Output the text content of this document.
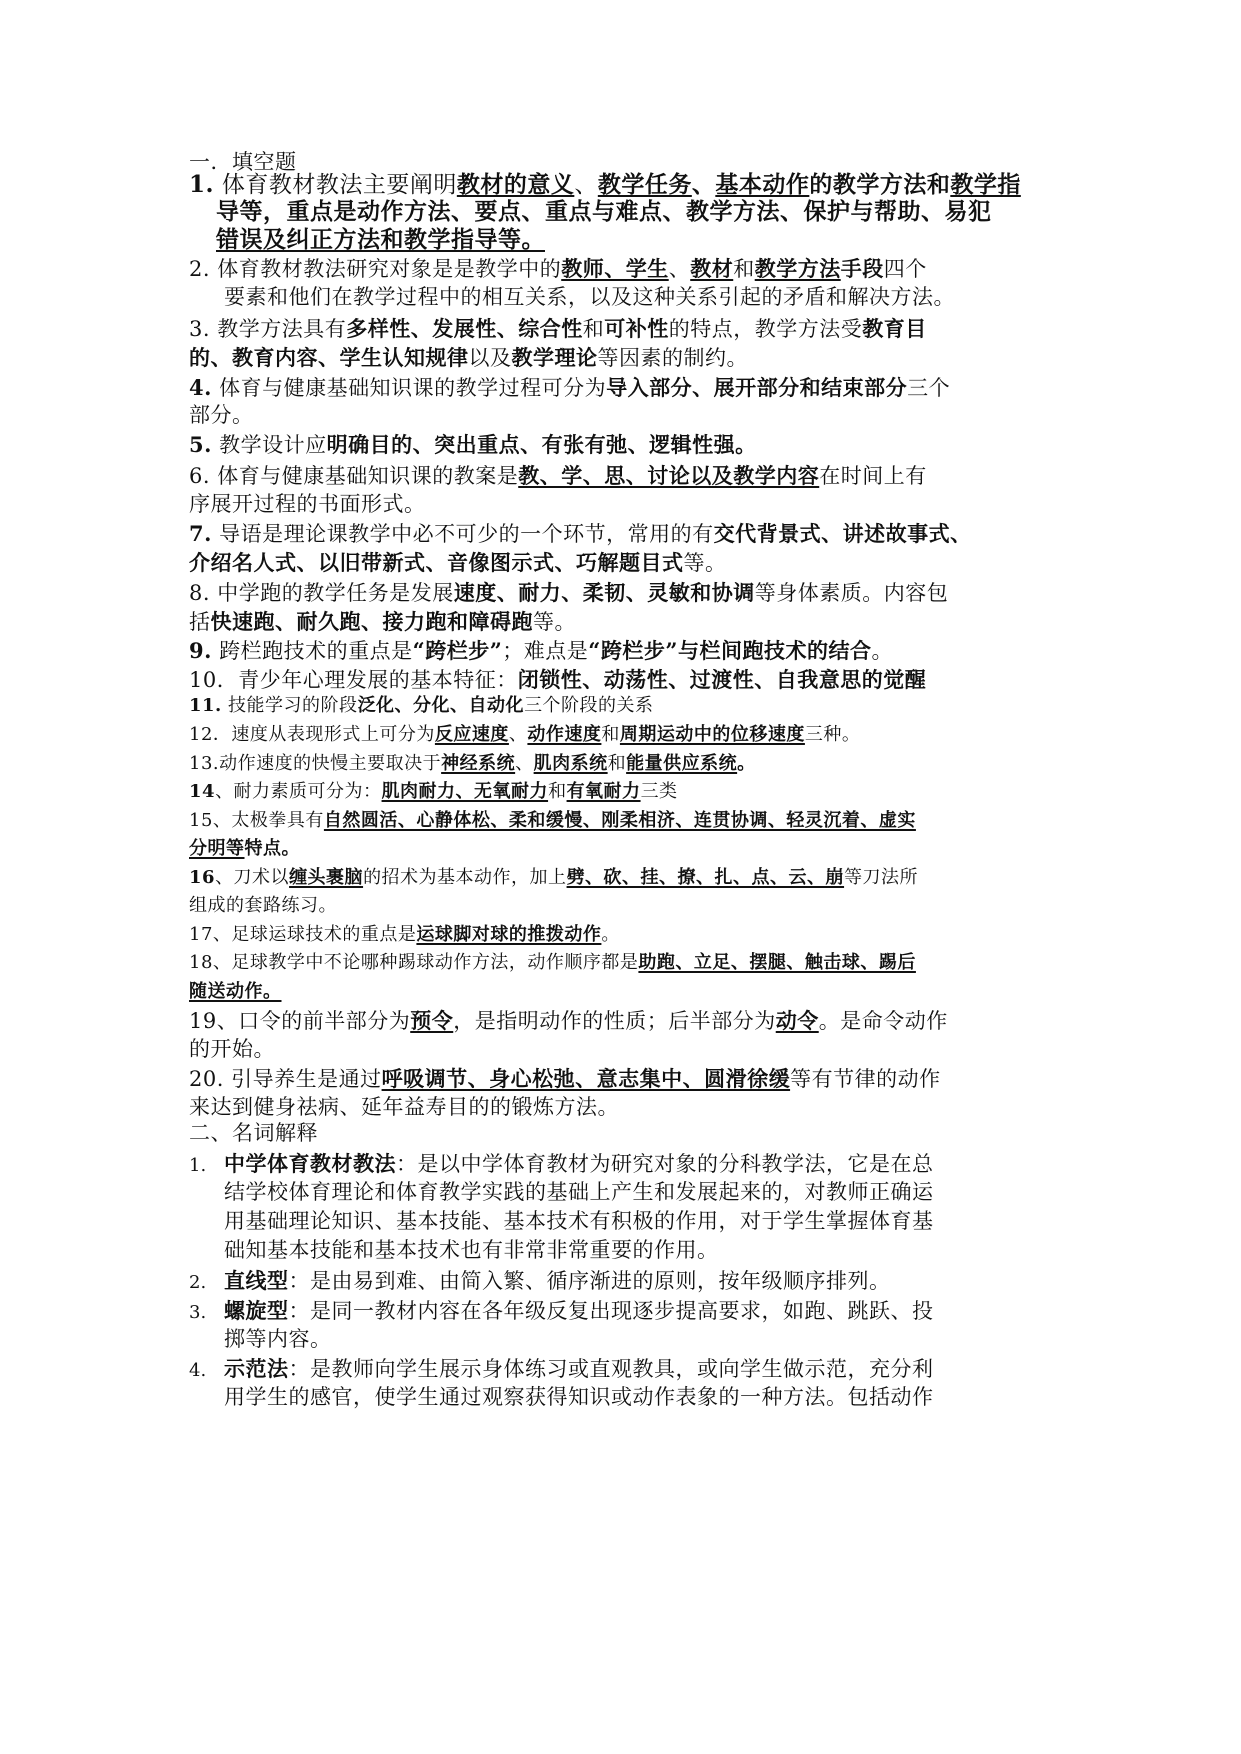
一．填空题
1. 体育教材教法主要阐明教材的意义、教学任务、基本动作的教学方法和教学指
导等，重点是动作方法、要点、重点与难点、教学方法、保护与帮助、易犯
错误及纠正方法和教学指导等。
2. 体育教材教法研究对象是是教学中的教师、学生、教材和教学方法手段四个
要素和他们在教学过程中的相互关系，以及这种关系引起的矛盾和解决方法。
3. 教学方法具有多样性、发展性、综合性和可补性的特点，教学方法受教育目
的、教育内容、学生认知规律以及教学理论等因素的制约。
4. 体育与健康基础知识课的教学过程可分为导入部分、展开部分和结束部分三个
部分。
5. 教学设计应明确目的、突出重点、有张有弛、逻辑性强。
6. 体育与健康基础知识课的教案是教、学、思、讨论以及教学内容在时间上有
序展开过程的书面形式。
7. 导语是理论课教学中必不可少的一个环节，常用的有交代背景式、讲述故事式、
介绍名人式、以旧带新式、音像图示式、巧解题目式等。
8. 中学跑的教学任务是发展速度、耐力、柔韧、灵敏和协调等身体素质。内容包
括快速跑、耐久跑、接力跑和障碍跑等。
9. 跨栏跑技术的重点是“跨栏步”；难点是“跨栏步”与栏间跑技术的结合。
10．青少年心理发展的基本特征：闭锁性、动荡性、过渡性、自我意思的觉醒
11. 技能学习的阶段泛化、分化、自动化三个阶段的关系
12．速度从表现形式上可分为反应速度、动作速度和周期运动中的位移速度三种。
13.动作速度的快慢主要取决于神经系统、肌肉系统和能量供应系统。
14、耐力素质可分为：肌肉耐力、无氧耐力和有氧耐力三类
15、太极拳具有自然圆活、心静体松、柔和缓慢、刚柔相济、连贯协调、轻灵沉着、虚实
分明等特点。
16、刀术以缠头裹脑的招术为基本动作，加上劈、砍、挂、撩、扎、点、云、崩等刀法所
组成的套路练习。
17、足球运球技术的重点是运球脚对球的推拨动作。
18、足球教学中不论哪种踢球动作方法，动作顺序都是助跑、立足、摆腿、触击球、踢后
随送动作。
19、口令的前半部分为预令，是指明动作的性质；后半部分为动令。是命令动作
的开始。
20. 引导养生是通过呼吸调节、身心松弛、意志集中、圆滑徐缓等有节律的动作
来达到健身祛病、延年益寿目的的锻炼方法。
二、名词解释
1. 中学体育教材教法：是以中学体育教材为研究对象的分科教学法，它是在总
结学校体育理论和体育教学实践的基础上产生和发展起来的，对教师正确运
用基础理论知识、基本技能、基本技术有积极的作用，对于学生掌握体育基
础知基本技能和基本技术也有非常非常重要的作用。
2. 直线型：是由易到难、由简入繁、循序渐进的原则，按年级顺序排列。
3. 螺旋型：是同一教材内容在各年级反复出现逐步提高要求，如跑、跳跃、投
掷等内容。
4. 示范法：是教师向学生展示身体练习或直观教具，或向学生做示范，充分利
用学生的感官，使学生通过观察获得知识或动作表象的一种方法。包括动作
